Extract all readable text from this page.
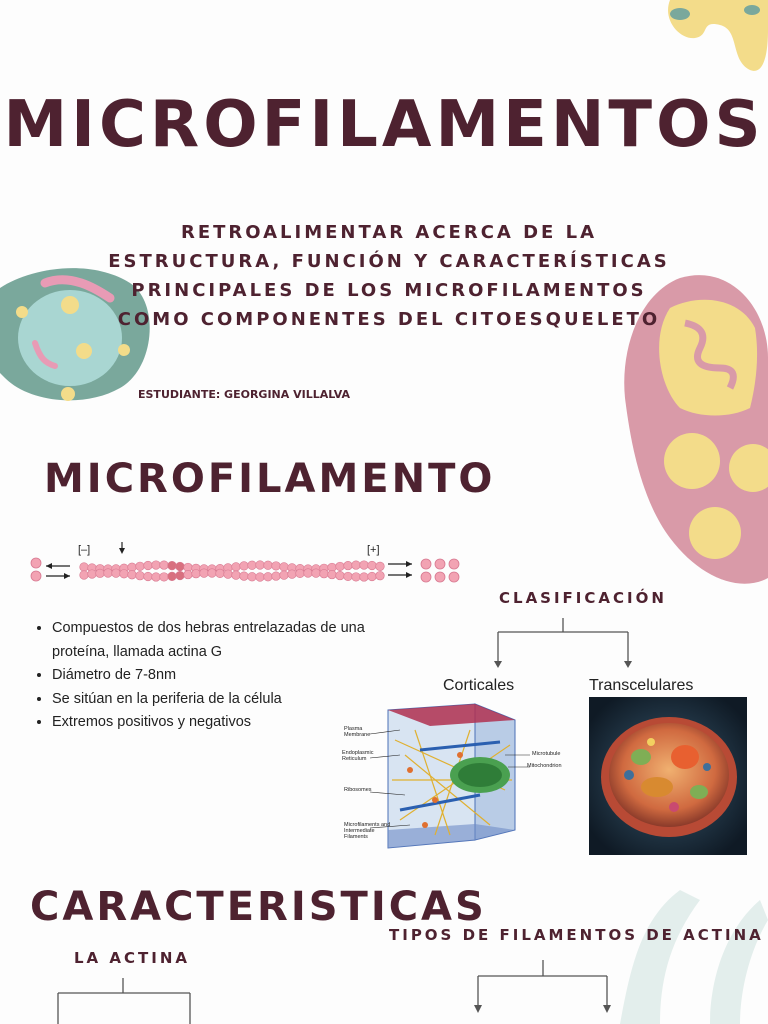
MICROFILAMENTOS
RETROALIMENTAR ACERCA DE LA ESTRUCTURA, FUNCIÓN Y CARACTERÍSTICAS PRINCIPALES DE LOS MICROFILAMENTOS COMO COMPONENTES DEL CITOESQUELETO
ESTUDIANTE: GEORGINA VILLALVA
MICROFILAMENTO
[–]	[+]
• Compuestos de dos hebras entrelazadas de una proteína, llamada actina G
• Diámetro de 7-8nm
• Se sitúan en la periferia de la célula
• Extremos positivos y negativos
CLASIFICACIÓN
Corticales	Transcelulares
Plasma Membrane
Endoplasmic Reticulum
Ribosomes
Microfilaments and Intermediate Filaments
Microtubule
Mitochondrion
CARACTERISTICAS
LA ACTINA
TIPOS DE FILAMENTOS DE ACTINA
